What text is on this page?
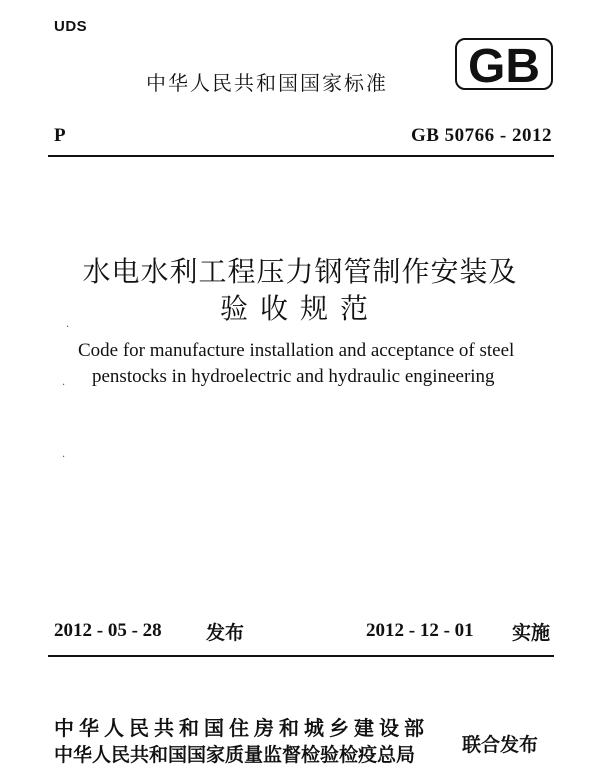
UDS
中华人民共和国国家标准 GB
P	GB 50766 - 2012
水电水利工程压力钢管制作安装及
验收规范
·
·
·
Code for manufacture installation and acceptance of steel
penstocks in hydroelectric and hydraulic engineering
2012 - 05 - 28 发布	2012 - 12 - 01 实施
中华人民共和国住房和城乡建设部
中华人民共和国国家质量监督检验检疫总局 联合发布
